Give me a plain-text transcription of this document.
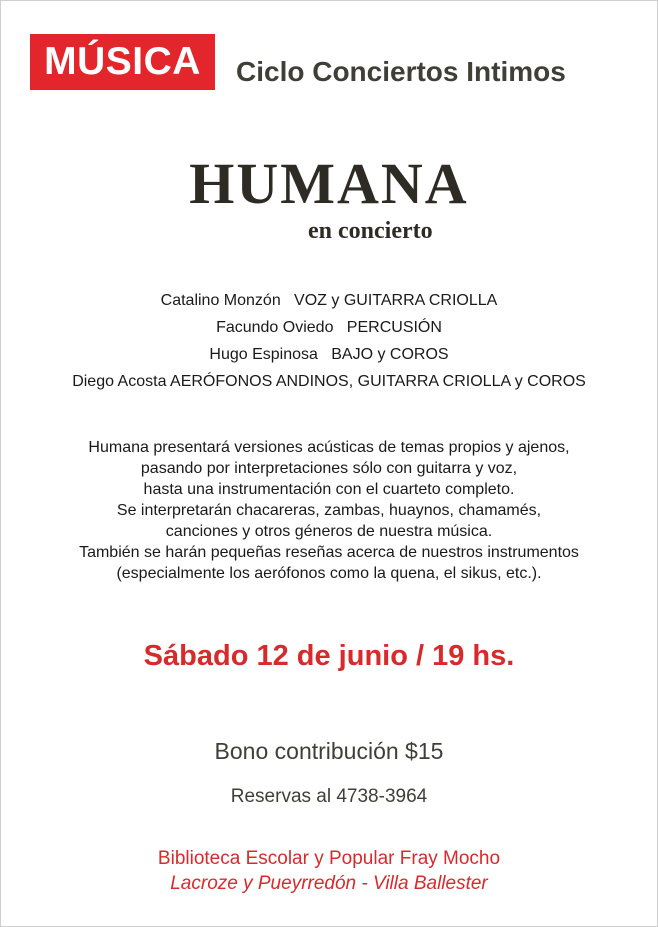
MÚSICA	Ciclo Conciertos Intimos
HUMANA
en concierto
Catalino Monzón   VOZ y GUITARRA CRIOLLA
Facundo Oviedo   PERCUSIÓN
Hugo Espinosa   BAJO y COROS
Diego Acosta AERÓFONOS ANDINOS, GUITARRA CRIOLLA y COROS
Humana presentará versiones acústicas de temas propios y ajenos,
pasando por interpretaciones sólo con guitarra y voz,
hasta una instrumentación con el cuarteto completo.
Se interpretarán chacareras, zambas, huaynos, chamamés,
canciones y otros géneros de nuestra música.
También se harán pequeñas reseñas acerca de nuestros instrumentos
(especialmente los aerófonos como la quena, el sikus, etc.).
Sábado 12 de junio / 19 hs.
Bono contribución $15
Reservas al 4738-3964
Biblioteca Escolar y Popular Fray Mocho
Lacroze y Pueyrredón - Villa Ballester
